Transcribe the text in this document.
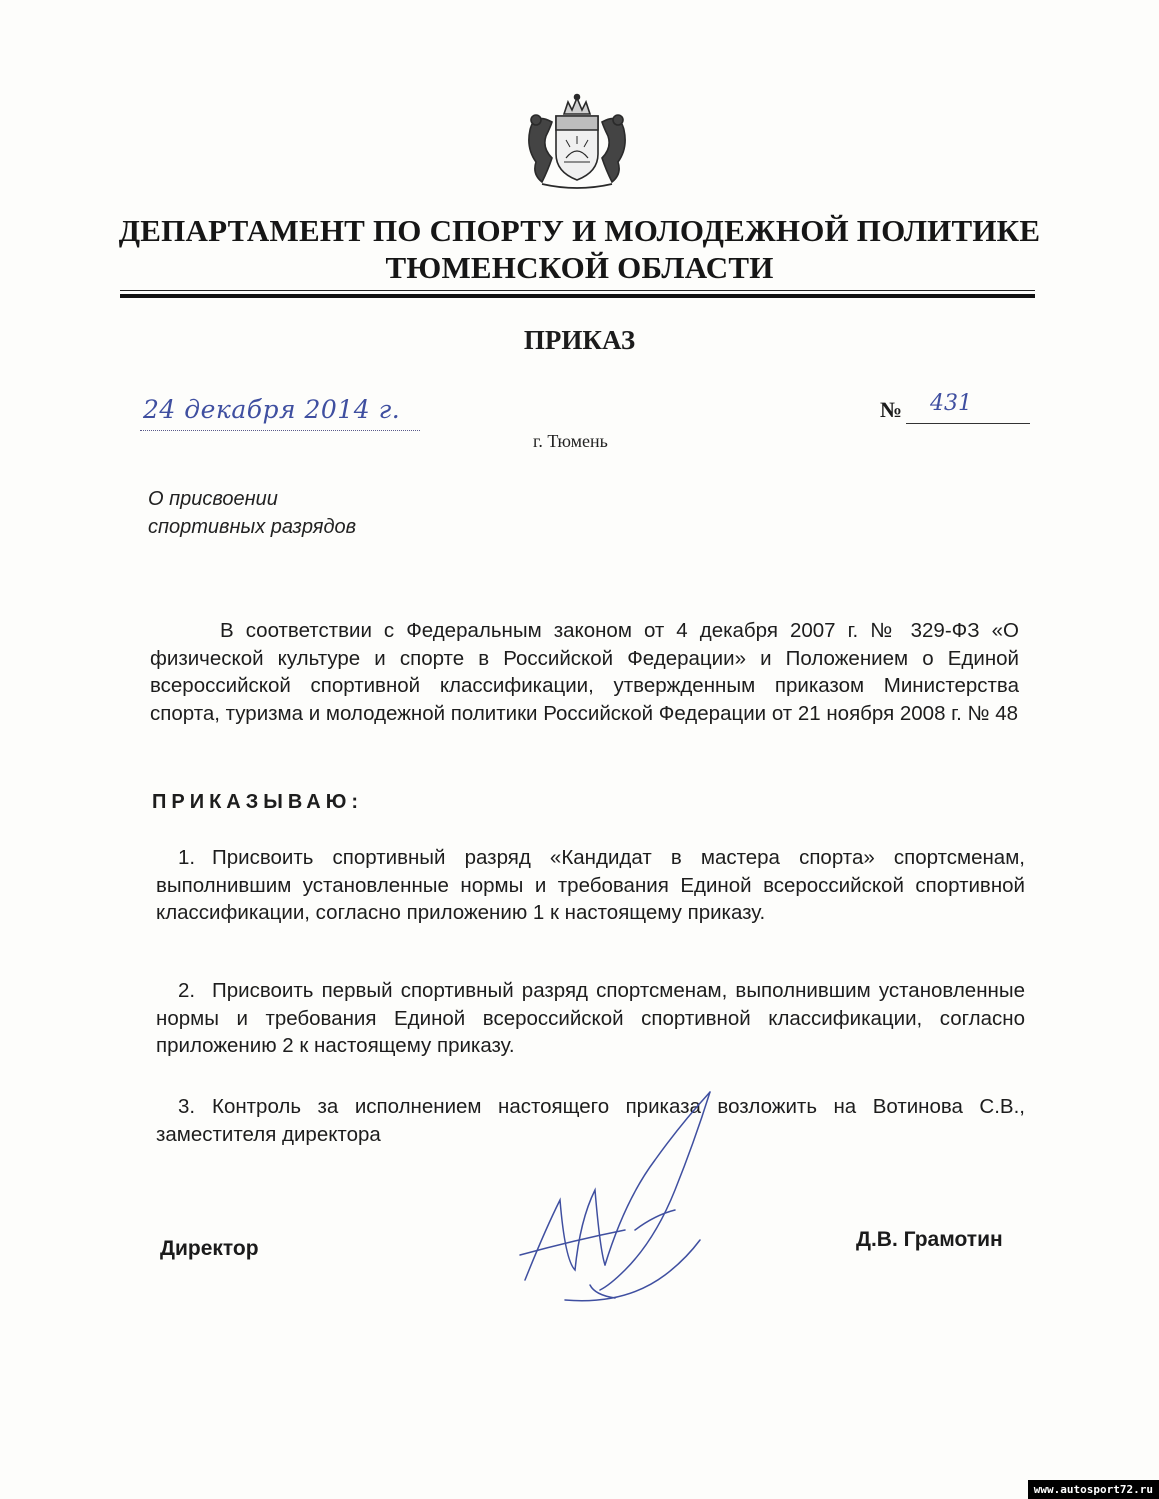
ДЕПАРТАМЕНТ ПО СПОРТУ И МОЛОДЕЖНОЙ ПОЛИТИКЕ
ТЮМЕНСКОЙ ОБЛАСТИ
ПРИКАЗ
24 декабря 2014 г.	№ 431
г. Тюмень
О присвоении
спортивных разрядов
В соответствии с Федеральным законом от 4 декабря 2007 г. № 329-ФЗ «О физической культуре и спорте в Российской Федерации» и Положением о Единой всероссийской спортивной классификации, утвержденным приказом Министерства спорта, туризма и молодежной политики Российской Федерации от 21 ноября 2008 г. № 48
ПРИКАЗЫВАЮ:
1. Присвоить спортивный разряд «Кандидат в мастера спорта» спортсменам, выполнившим установленные нормы и требования Единой всероссийской спортивной классификации, согласно приложению 1 к настоящему приказу.
2. Присвоить первый спортивный разряд спортсменам, выполнившим установленные нормы и требования Единой всероссийской спортивной классификации, согласно приложению 2 к настоящему приказу.
3. Контроль за исполнением настоящего приказа возложить на Вотинова С.В., заместителя директора
Директор	Д.В. Грамотин
www.autosport72.ru
